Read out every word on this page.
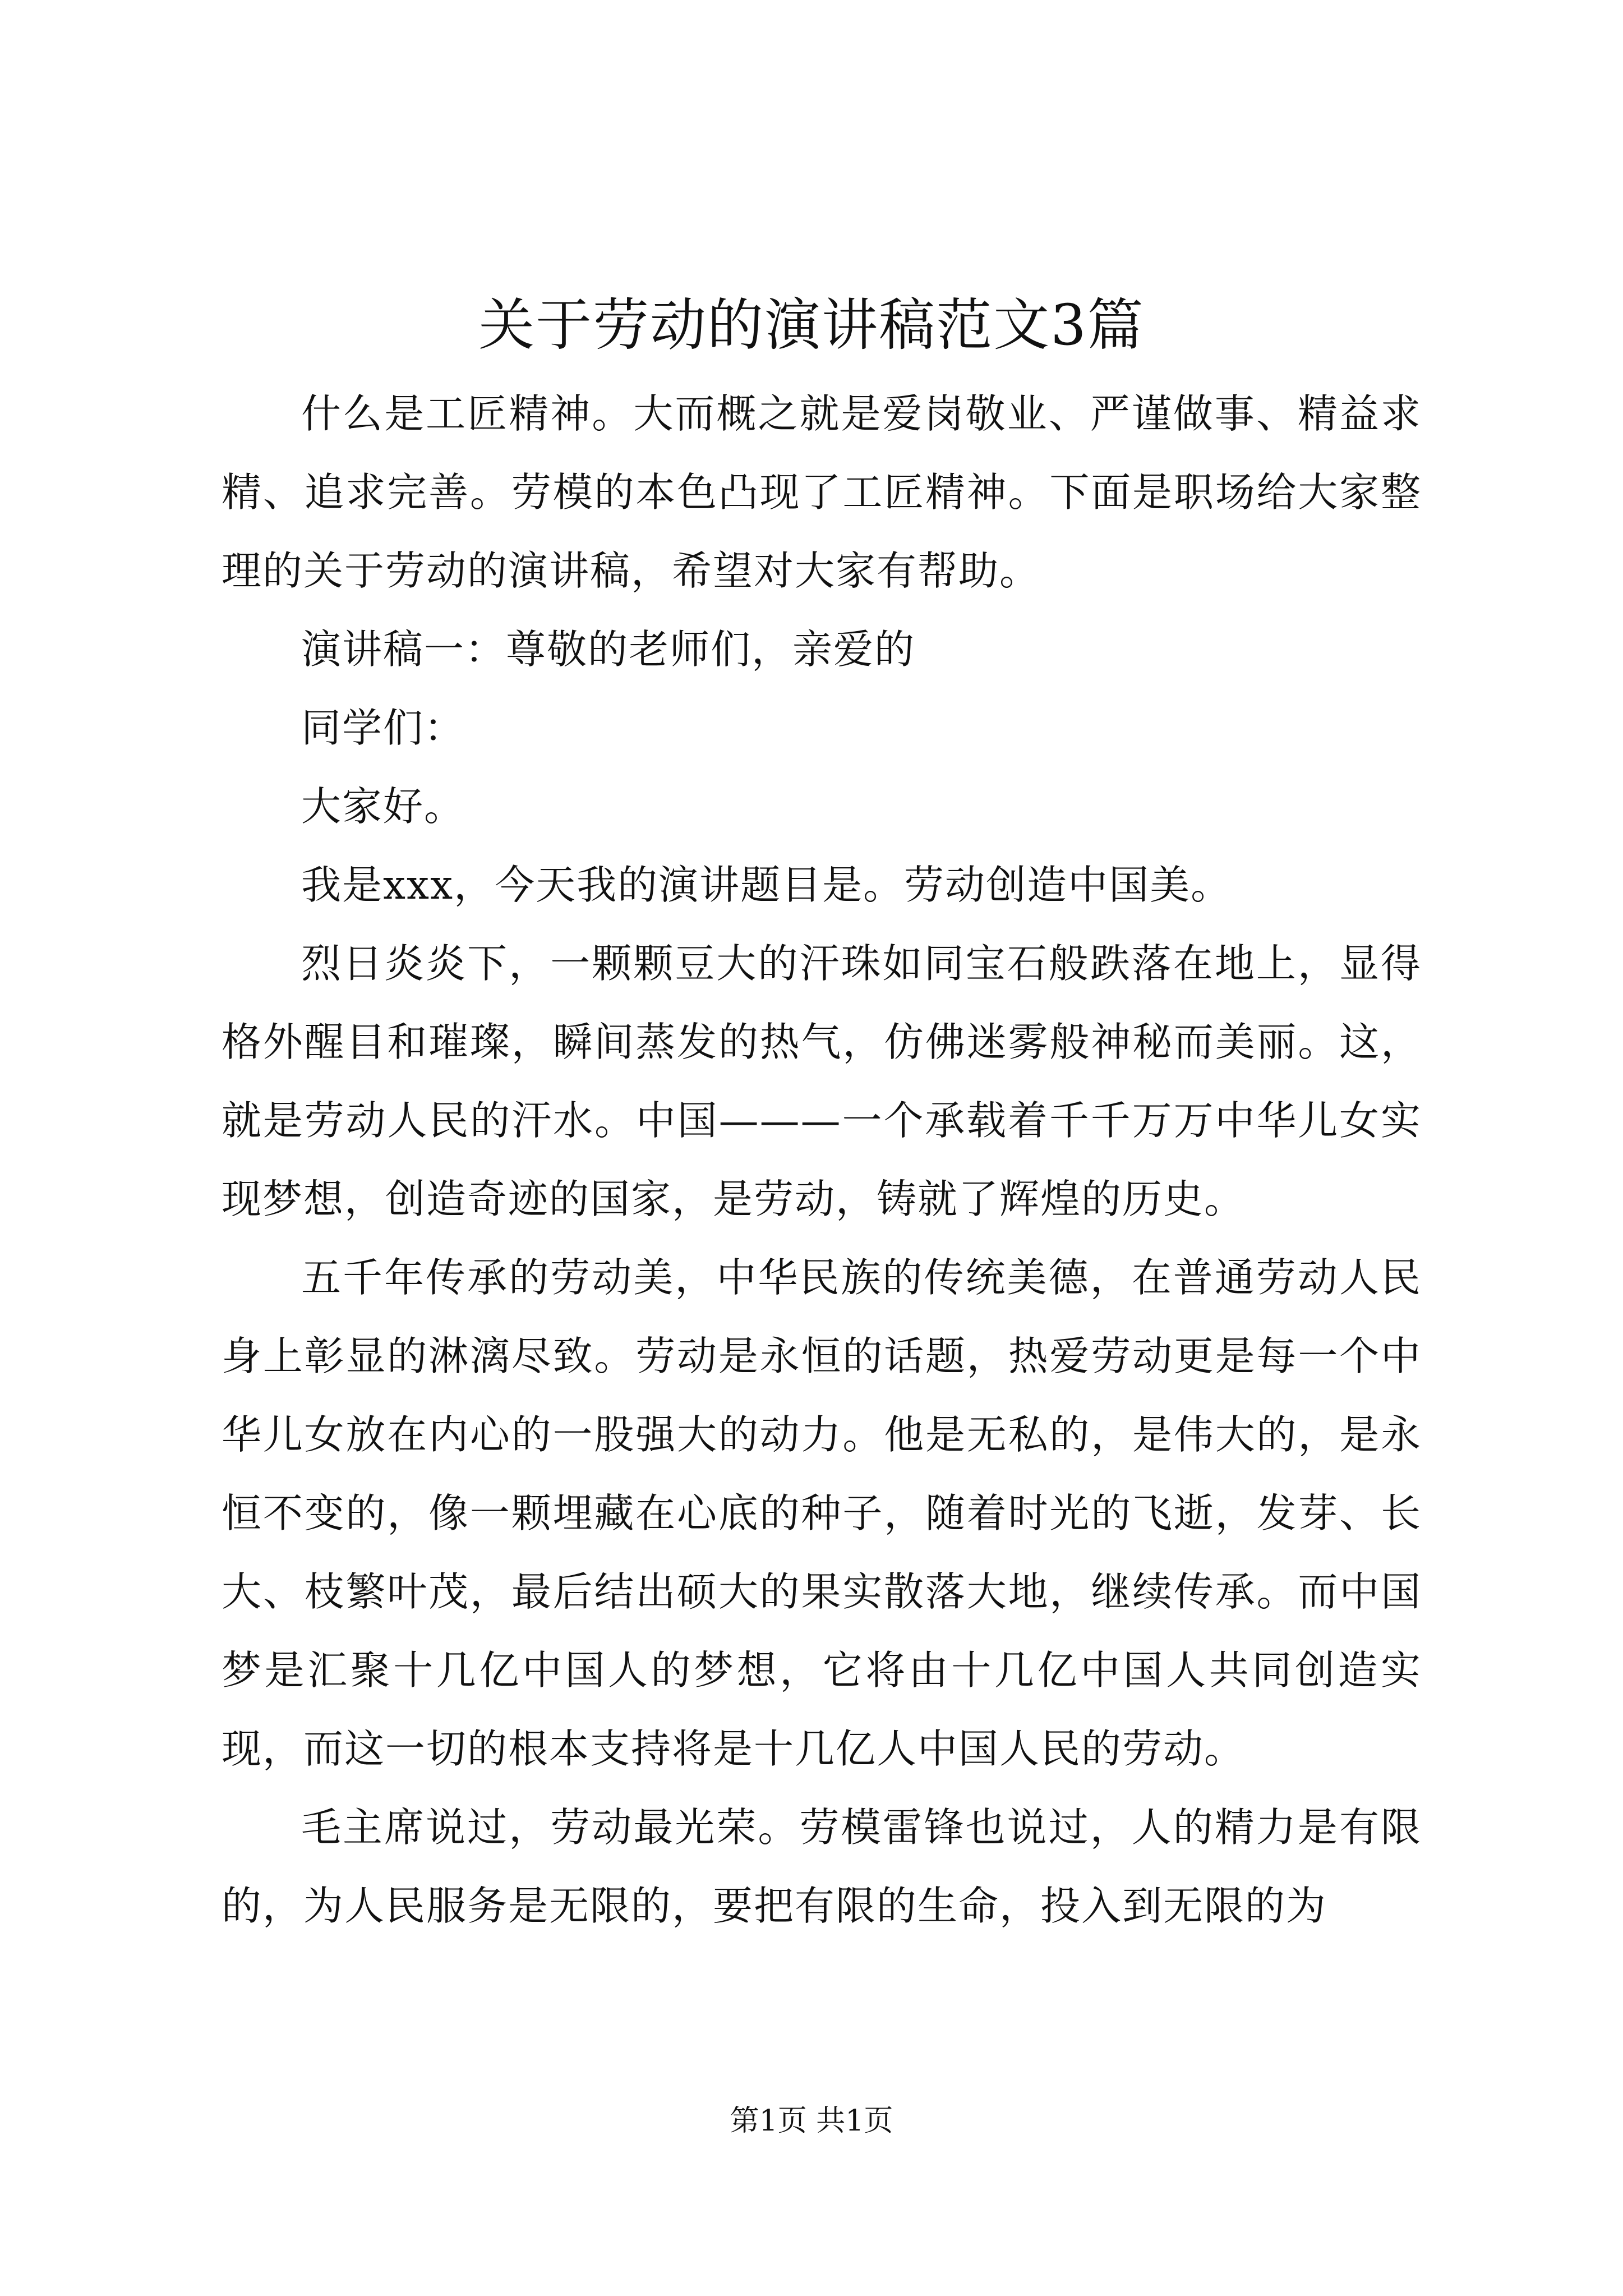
关于劳动的演讲稿范文3篇

什么是工匠精神。大而概之就是爱岗敬业、严谨做事、精益求精、追求完善。劳模的本色凸现了工匠精神。下面是职场给大家整理的关于劳动的演讲稿，希望对大家有帮助。

演讲稿一：尊敬的老师们，亲爱的

同学们：

大家好。

我是xxx，今天我的演讲题目是。劳动创造中国美。

烈日炎炎下，一颗颗豆大的汗珠如同宝石般跌落在地上，显得格外醒目和璀璨，瞬间蒸发的热气，仿佛迷雾般神秘而美丽。这，就是劳动人民的汗水。中国———一个承载着千千万万中华儿女实现梦想，创造奇迹的国家，是劳动，铸就了辉煌的历史。

五千年传承的劳动美，中华民族的传统美德，在普通劳动人民身上彰显的淋漓尽致。劳动是永恒的话题，热爱劳动更是每一个中华儿女放在内心的一股强大的动力。他是无私的，是伟大的，是永恒不变的，像一颗埋藏在心底的种子，随着时光的飞逝，发芽、长大、枝繁叶茂，最后结出硕大的果实散落大地，继续传承。而中国梦是汇聚十几亿中国人的梦想，它将由十几亿中国人共同创造实现，而这一切的根本支持将是十几亿人中国人民的劳动。

毛主席说过，劳动最光荣。劳模雷锋也说过，人的精力是有限的，为人民服务是无限的，要把有限的生命，投入到无限的为

第1页 共1页
